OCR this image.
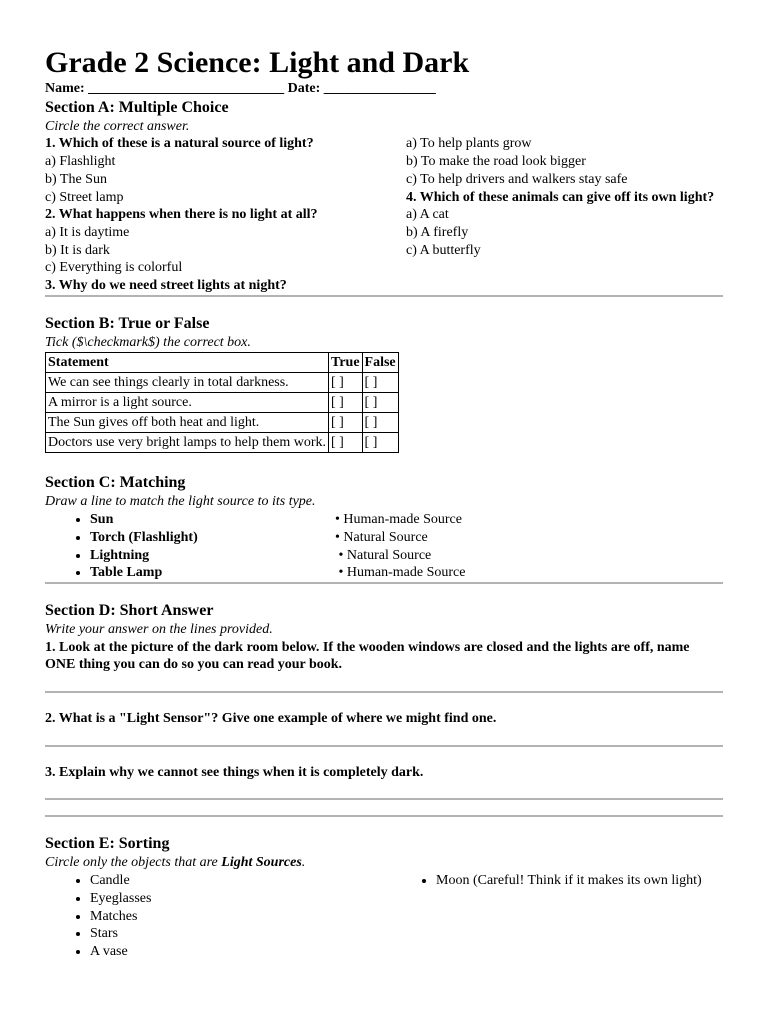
Grade 2 Science: Light and Dark
Name: ____________________________ Date: ________________
Section A: Multiple Choice
Circle the correct answer.
1. Which of these is a natural source of light?
a) Flashlight
b) The Sun
c) Street lamp
2. What happens when there is no light at all?
a) It is daytime
b) It is dark
c) Everything is colorful
3. Why do we need street lights at night?
a) To help plants grow
b) To make the road look bigger
c) To help drivers and walkers stay safe
4. Which of these animals can give off its own light?
a) A cat
b) A firefly
c) A butterfly
Section B: True or False
Tick ($\checkmark$) the correct box.
Statement	True	False
We can see things clearly in total darkness.	[ ]	[ ]
A mirror is a light source.	[ ]	[ ]
The Sun gives off both heat and light.	[ ]	[ ]
Doctors use very bright lamps to help them work.	[ ]	[ ]
Section C: Matching
Draw a line to match the light source to its type.
• Sun	• Human-made Source
• Torch (Flashlight)	• Natural Source
• Lightning	• Natural Source
• Table Lamp	• Human-made Source
Section D: Short Answer
Write your answer on the lines provided.
1. Look at the picture of the dark room below. If the wooden windows are closed and the lights are off, name ONE thing you can do so you can read your book.
2. What is a "Light Sensor"? Give one example of where we might find one.
3. Explain why we cannot see things when it is completely dark.
Section E: Sorting
Circle only the objects that are Light Sources.
• Candle
• Eyeglasses
• Matches
• Stars
• A vase
• Moon (Careful! Think if it makes its own light)
